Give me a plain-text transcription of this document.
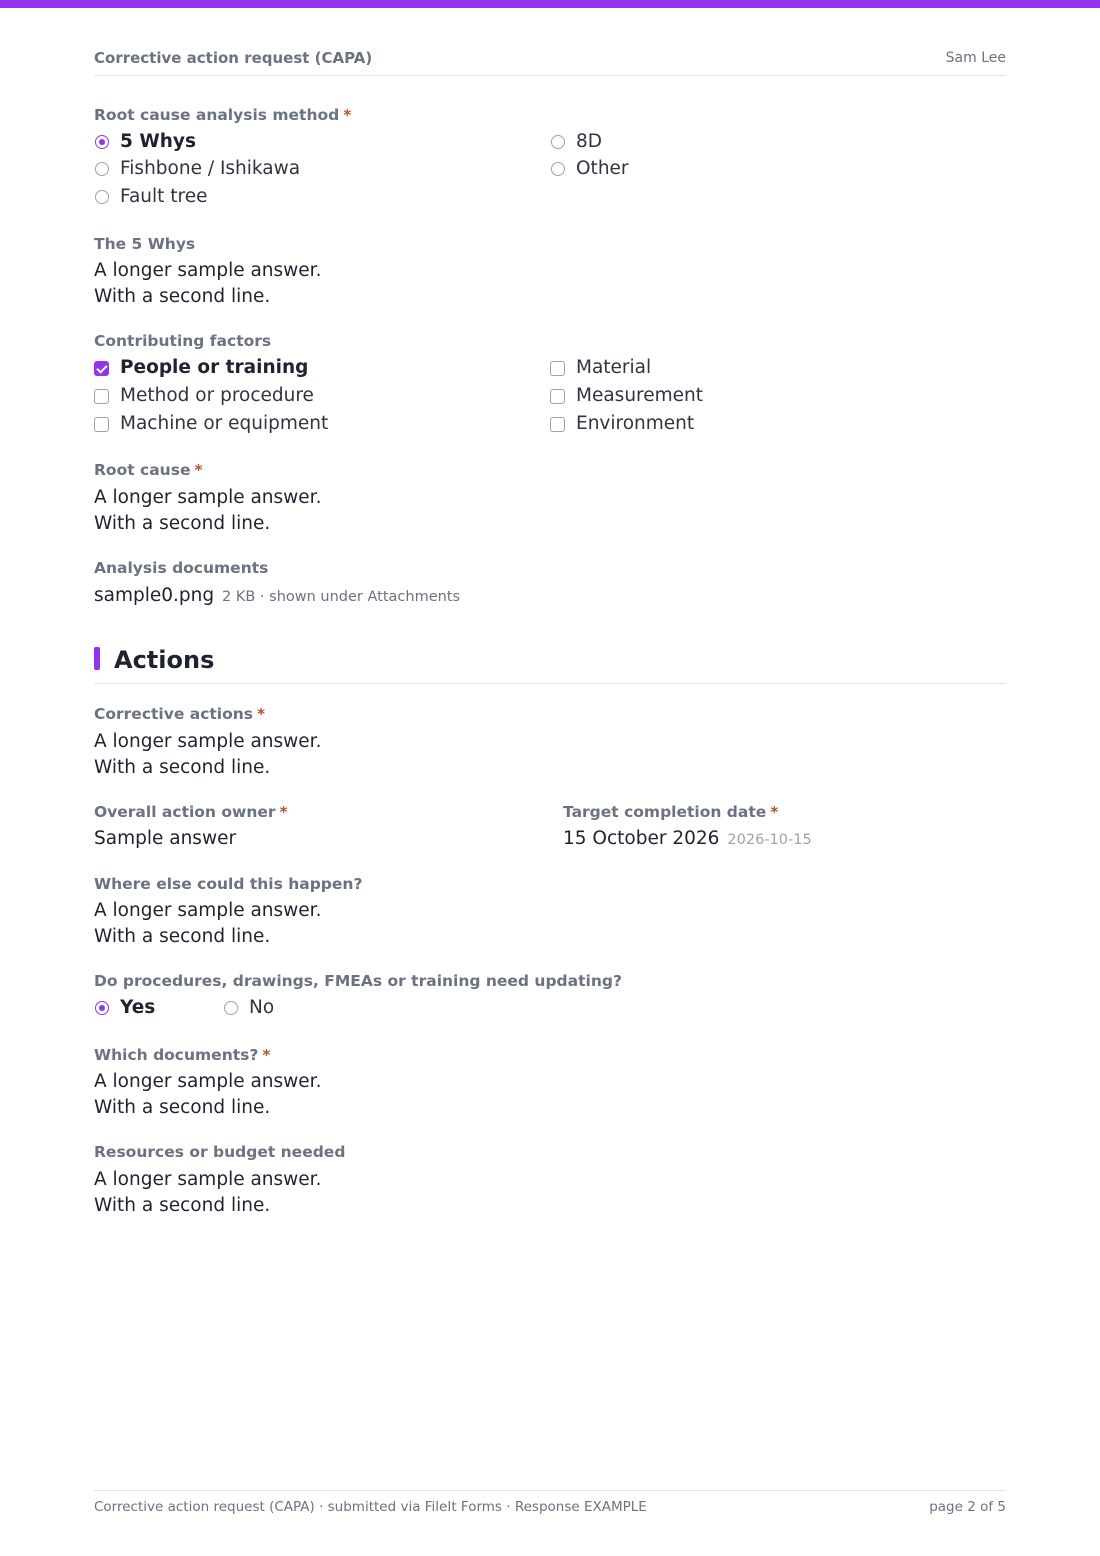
Corrective action request (CAPA)	Sam Lee
Root cause analysis method *
5 Whys	8D
Fishbone / Ishikawa	Other
Fault tree
The 5 Whys
A longer sample answer.
With a second line.
Contributing factors
People or training	Material
Method or procedure	Measurement
Machine or equipment	Environment
Root cause *
A longer sample answer.
With a second line.
Analysis documents
sample0.png 2 KB · shown under Attachments
Actions
Corrective actions *
A longer sample answer.
With a second line.
Overall action owner *
Sample answer
Target completion date *
15 October 2026 2026-10-15
Where else could this happen?
A longer sample answer.
With a second line.
Do procedures, drawings, FMEAs or training need updating?
Yes	No
Which documents? *
A longer sample answer.
With a second line.
Resources or budget needed
A longer sample answer.
With a second line.
Corrective action request (CAPA) · submitted via FileIt Forms · Response EXAMPLE	page 2 of 5
